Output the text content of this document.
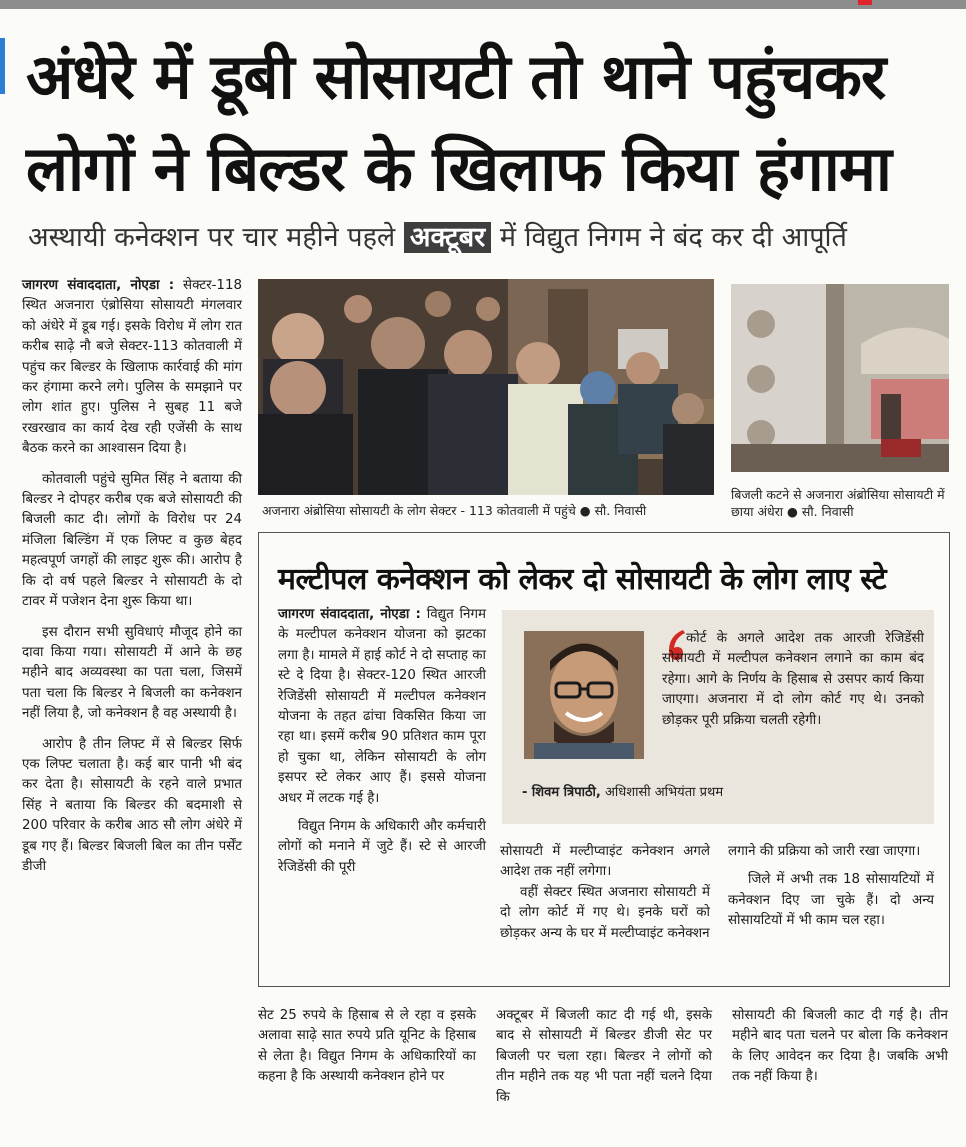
अंधेरे में डूबी सोसायटी तो थाने पहुंचकर
लोगों ने बिल्डर के खिलाफ किया हंगामा
अस्थायी कनेक्शन पर चार महीने पहले अक्टूबर में विद्युत निगम ने बंद कर दी आपूर्ति

जागरण संवाददाता, नोएडा : सेक्टर-118 स्थित अजनारा एंब्रोसिया सोसायटी मंगलवार को अंधेरे में डूब गई। इसके विरोध में लोग रात करीब साढ़े नौ बजे सेक्टर-113 कोतवाली में पहुंच कर बिल्डर के खिलाफ कार्रवाई की मांग कर हंगामा करने लगे। पुलिस के समझाने पर लोग शांत हुए। पुलिस ने सुबह 11 बजे रखरखाव का कार्य देख रही एजेंसी के साथ बैठक करने का आश्वासन दिया है।

कोतवाली पहुंचे सुमित सिंह ने बताया की बिल्डर ने दोपहर करीब एक बजे सोसायटी की बिजली काट दी। लोगों के विरोध पर 24 मंजिला बिल्डिंग में एक लिफ्ट व कुछ बेहद महत्वपूर्ण जगहों की लाइट शुरू की। आरोप है कि दो वर्ष पहले बिल्डर ने सोसायटी के दो टावर में पजेशन देना शुरू किया था।

इस दौरान सभी सुविधाएं मौजूद होने का दावा किया गया। सोसायटी में आने के छह महीने बाद अव्यवस्था का पता चला, जिसमें पता चला कि बिल्डर ने बिजली का कनेक्शन नहीं लिया है, जो कनेक्शन है वह अस्थायी है।

आरोप है तीन लिफ्ट में से बिल्डर सिर्फ एक लिफ्ट चलाता है। कई बार पानी भी बंद कर देता है। सोसायटी के रहने वाले प्रभात सिंह ने बताया कि बिल्डर की बदमाशी से 200 परिवार के करीब आठ सौ लोग अंधेरे में डूब गए हैं। बिल्डर बिजली बिल का तीन पर्सेंट डीजी

अजनारा अंब्रोसिया सोसायटी के लोग सेक्टर - 113 कोतवाली में पहुंचे ● सौ. निवासी
बिजली कटने से अजनारा अंब्रोसिया सोसायटी में छाया अंधेरा ● सौ. निवासी
मल्टीपल कनेक्शन को लेकर दो सोसायटी के लोग लाए स्टे

जागरण संवाददाता, नोएडा : विद्युत निगम के मल्टीपल कनेक्शन योजना को झटका लगा है। मामले में हाई कोर्ट ने दो सप्ताह का स्टे दे दिया है। सेक्टर-120 स्थित आरजी रेजिडेंसी सोसायटी में मल्टीपल कनेक्शन योजना के तहत ढांचा विकसित किया जा रहा था। इसमें करीब 90 प्रतिशत काम पूरा हो चुका था, लेकिन सोसायटी के लोग इसपर स्टे लेकर आए हैं। इससे योजना अधर में लटक गई है।

विद्युत निगम के अधिकारी और कर्मचारी लोगों को मनाने में जुटे हैं। स्टे से आरजी रेजिडेंसी की पूरी

कोर्ट के अगले आदेश तक आरजी रेजिडेंसी सोसायटी में मल्टीपल कनेक्शन लगाने का काम बंद रहेगा। आगे के निर्णय के हिसाब से उसपर कार्य किया जाएगा। अजनारा में दो लोग कोर्ट गए थे। उनको छोड़कर पूरी प्रक्रिया चलती रहेगी।
- शिवम त्रिपाठी, अधिशासी अभियंता प्रथम

सोसायटी में मल्टीप्वाइंट कनेक्शन अगले आदेश तक नहीं लगेगा।

वहीं सेक्टर स्थित अजनारा सोसायटी में दो लोग कोर्ट में गए थे। इनके घरों को छोड़कर अन्य के घर में मल्टीप्वाइंट कनेक्शन

लगाने की प्रक्रिया को जारी रखा जाएगा।

जिले में अभी तक 18 सोसायटियों में कनेक्शन दिए जा चुके हैं। दो अन्य सोसायटियों में भी काम चल रहा।

सेट 25 रुपये के हिसाब से ले रहा व इसके अलावा साढ़े सात रुपये प्रति यूनिट के हिसाब से लेता है। विद्युत निगम के अधिकारियों का कहना है कि अस्थायी कनेक्शन होने पर

अक्टूबर में बिजली काट दी गई थी, इसके बाद से सोसायटी में बिल्डर डीजी सेट पर बिजली पर चला रहा। बिल्डर ने लोगों को तीन महीने तक यह भी पता नहीं चलने दिया कि

सोसायटी की बिजली काट दी गई है। तीन महीने बाद पता चलने पर बोला कि कनेक्शन के लिए आवेदन कर दिया है। जबकि अभी तक नहीं किया है।
